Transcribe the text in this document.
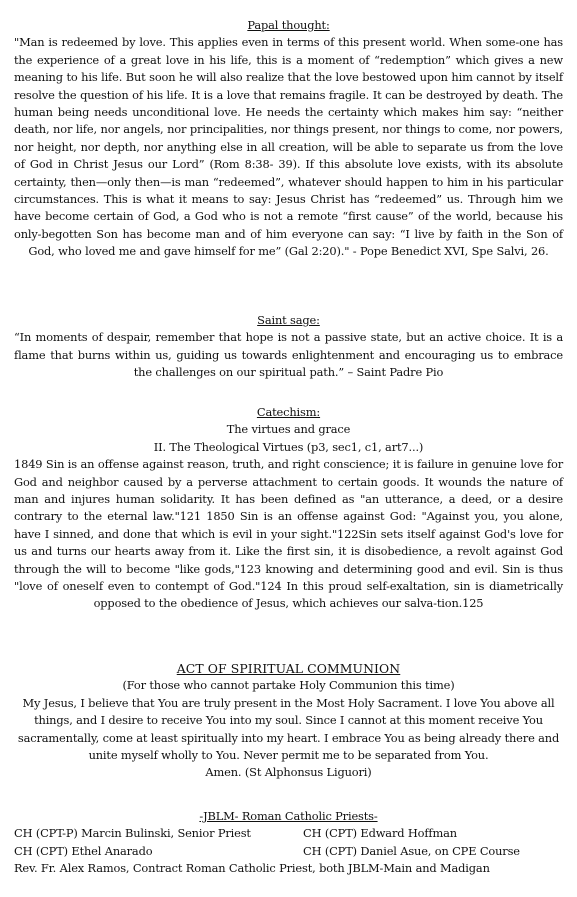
Papal thought:
"Man is redeemed by love. This applies even in terms of this present world. When some-one has the experience of a great love in his life, this is a moment of “redemption” which gives a new meaning to his life. But soon he will also realize that the love bestowed upon him cannot by itself resolve the question of his life. It is a love that remains fragile. It can be destroyed by death. The human being needs unconditional love. He needs the certainty which makes him say: “neither death, nor life, nor angels, nor principalities, nor things present, nor things to come, nor powers, nor height, nor depth, nor anything else in all creation, will be able to separate us from the love of God in Christ Jesus our Lord” (Rom 8:38- 39). If this absolute love exists, with its absolute certainty, then—only then—is man “redeemed”, whatever should happen to him in his particular circumstances. This is what it means to say: Jesus Christ has “redeemed” us. Through him we have become certain of God, a God who is not a remote “first cause” of the world, because his only-begotten Son has become man and of him everyone can say: “I live by faith in the Son of God, who loved me and gave himself for me” (Gal 2:20)." - Pope Benedict XVI, Spe Salvi, 26.
Saint sage:
“In moments of despair, remember that hope is not a passive state, but an active choice. It is a flame that burns within us, guiding us towards enlightenment and encouraging us to embrace the challenges on our spiritual path.” – Saint Padre Pio
Catechism:
The virtues and grace
II. The Theological Virtues (p3, sec1, c1, art7...)
1849 Sin is an offense against reason, truth, and right conscience; it is failure in genuine love for God and neighbor caused by a perverse attachment to certain goods. It wounds the nature of man and injures human solidarity. It has been defined as "an utterance, a deed, or a desire contrary to the eternal law."121 1850 Sin is an offense against God: "Against you, you alone, have I sinned, and done that which is evil in your sight."122Sin sets itself against God's love for us and turns our hearts away from it. Like the first sin, it is disobedience, a revolt against God through the will to become "like gods,"123 knowing and determining good and evil. Sin is thus "love of oneself even to contempt of God."124 In this proud self-exaltation, sin is diametrically opposed to the obedience of Jesus, which achieves our salva-tion.125
ACT OF SPIRITUAL COMMUNION
(For those who cannot partake Holy Communion this time)
My Jesus, I believe that You are truly present in the Most Holy Sacrament. I love You above all things, and I desire to receive You into my soul. Since I cannot at this moment receive You sacramentally, come at least spiritually into my heart. I embrace You as being already there and unite myself wholly to You. Never permit me to be separated from You.
Amen. (St Alphonsus Liguori)
-JBLM- Roman Catholic Priests-
CH (CPT-P) Marcin Bulinski, Senior Priest	CH (CPT) Edward Hoffman
CH (CPT) Ethel Anarado	CH (CPT) Daniel Asue, on CPE Course
Rev. Fr. Alex Ramos, Contract Roman Catholic Priest, both JBLM-Main and Madigan
